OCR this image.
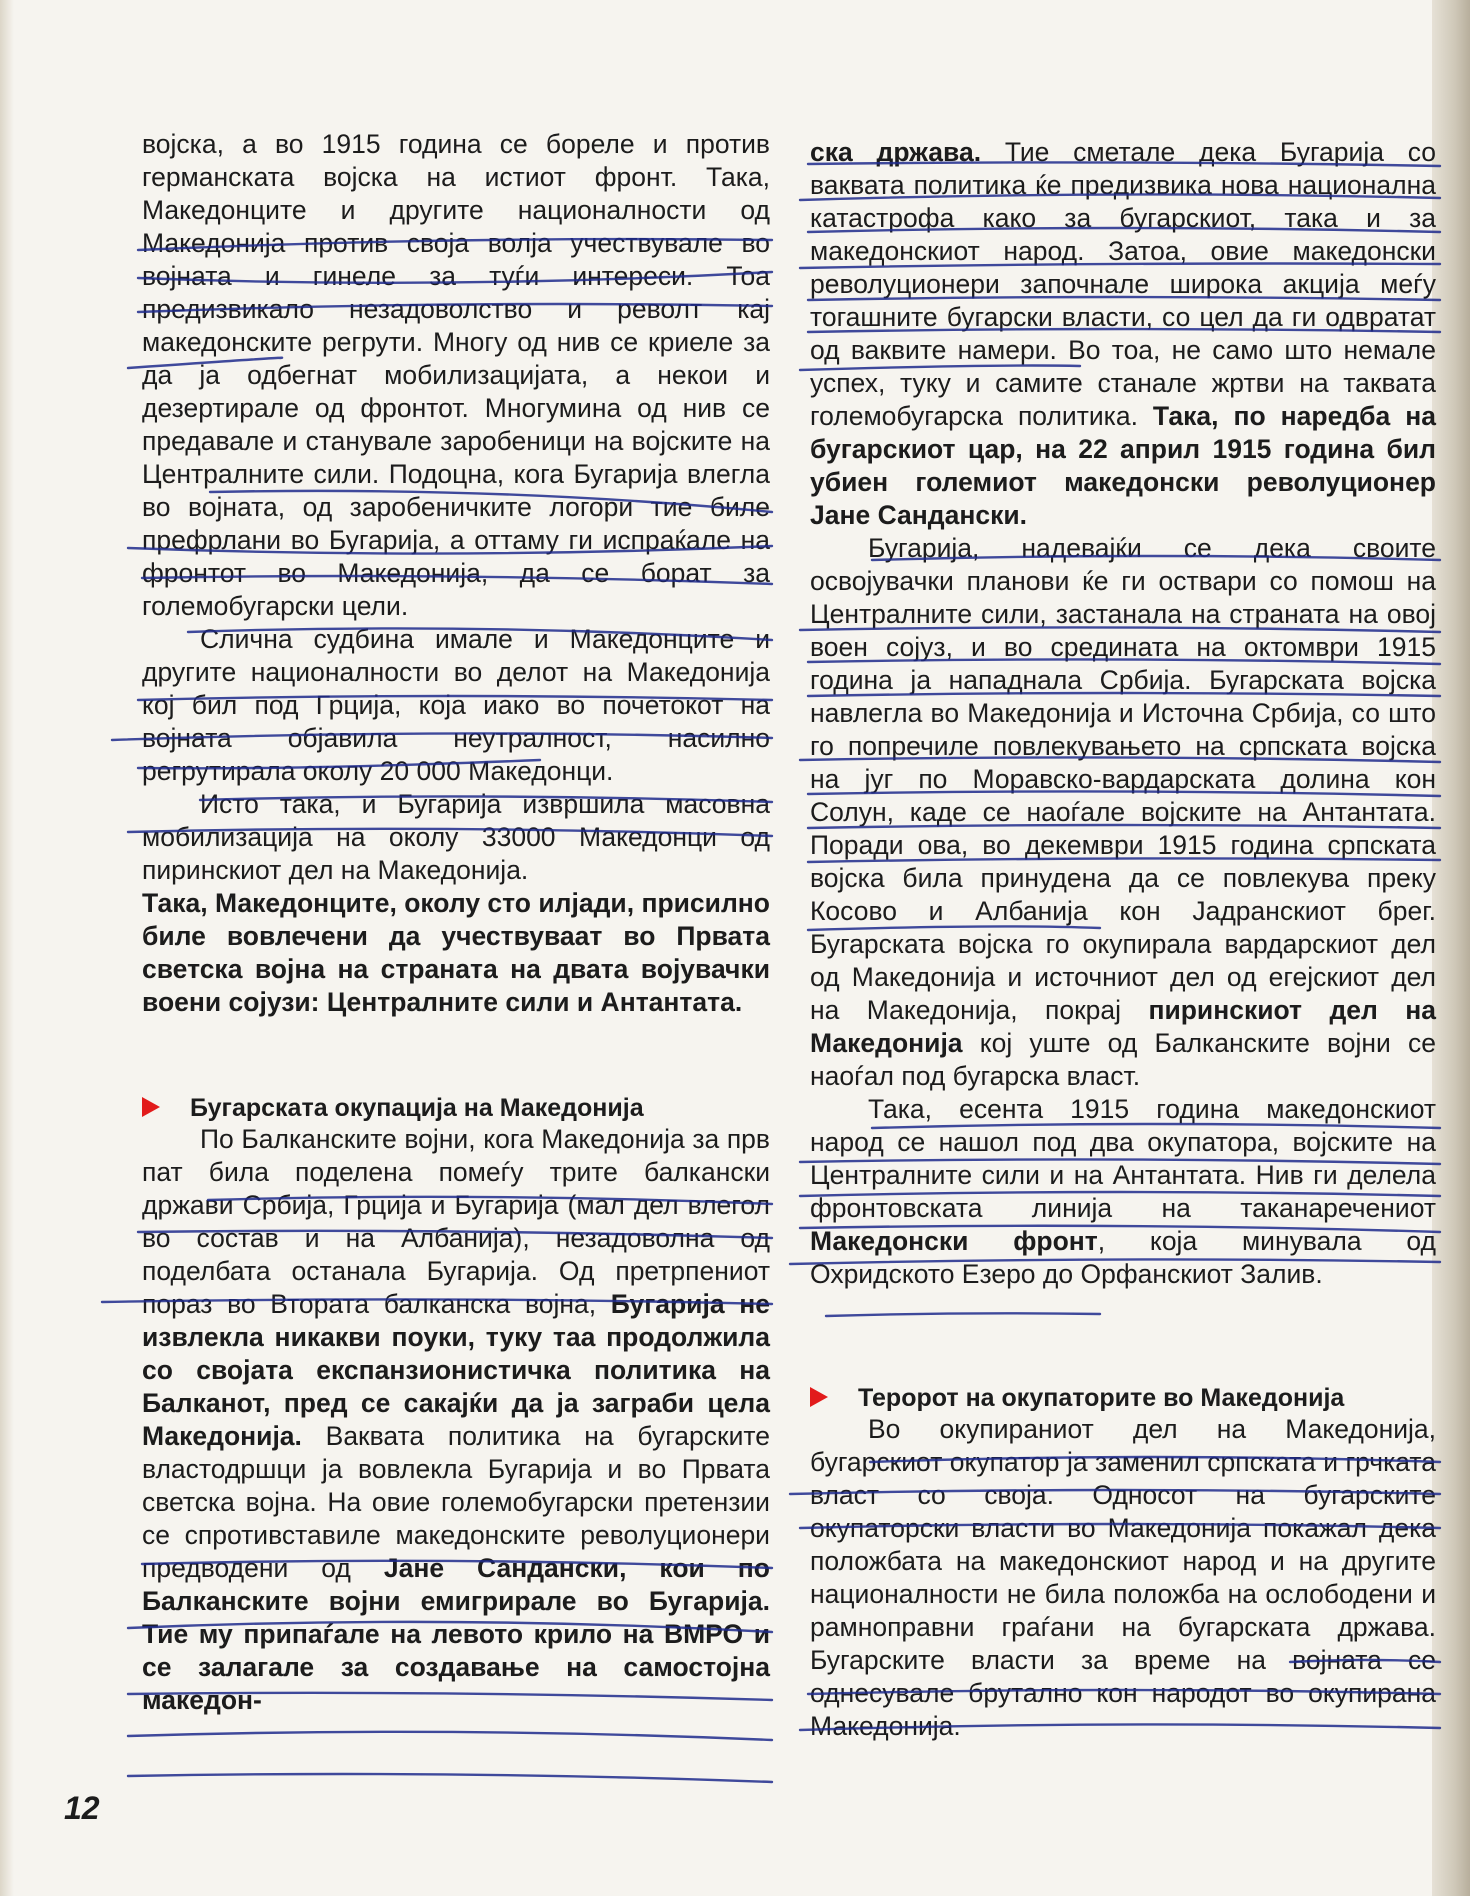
војска, а во 1915 година се бореле и против германската војска на истиот фронт. Така, Македонците и другите националности од Македонија против своја волја учествувале во војната и гинеле за туѓи интереси. Тоа предизвикало незадоволство и револт кај македонските регрути. Многу од нив се криеле за да ја одбегнат мобилизацијата, а некои и дезертирале од фронтот. Многумина од нив се предавале и станувале заробеници на војските на Централните сили. Подоцна, кога Бугарија влегла во војната, од заробеничките логори тие биле префрлани во Бугарија, а оттаму ги испраќале на фронтот во Македонија, да се борат за големобугарски цели.

Слична судбина имале и Македонците и другите националности во делот на Македонија кој бил под Грција, која иако во почетокот на војната објавила неутралност, насилно регрутирала околу 20 000 Македонци.

Исто така, и Бугарија извршила масовна мобилизација на околу 33000 Македонци од пиринскиот дел на Македонија.

Така, Македонците, околу сто илјади, присилно биле вовлечени да учествуваат во Првата светска војна на страната на двата војувачки воени сојузи: Централните сили и Антантата.

Бугарската окупација на Македонија

По Балканските војни, кога Македонија за прв пат била поделена помеѓу трите балкански држави Србија, Грција и Бугарија (мал дел влегол во состав и на Албанија), незадоволна од поделбата останала Бугарија. Од претрпениот пораз во Втората балканска војна, Бугарија не извлекла никакви поуки, туку таа продолжила со својата експанзионистичка политика на Балканот, пред се сакајќи да ја заграби цела Македонија. Ваквата политика на бугарските властодршци ја вовлекла Бугарија и во Првата светска војна. На овие големобугарски претензии се спротивставиле македонските револуционери предводени од Јане Сандански, кои по Балканските војни емигрирале во Бугарија. Тие му припаѓале на левото крило на ВМРО и се залагале за создавање на самостојна македон-

ска држава. Тие сметале дека Бугарија со ваквата политика ќе предизвика нова национална катастрофа како за бугарскиот, така и за македонскиот народ. Затоа, овие македонски револуционери започнале широка акција меѓу тогашните бугарски власти, со цел да ги одвратат од ваквите намери. Во тоа, не само што немале успех, туку и самите станале жртви на таквата големобугарска политика. Така, по наредба на бугарскиот цар, на 22 април 1915 година бил убиен големиот македонски револуционер Јане Сандански.

Бугарија, надевајќи се дека своите освојувачки планови ќе ги оствари со помош на Централните сили, застанала на страната на овој воен сојуз, и во средината на октомври 1915 година ја нападнала Србија. Бугарската војска навлегла во Македонија и Источна Србија, со што го попречиле повлекувањето на српската војска на југ по Моравско-вардарската долина кон Солун, каде се наоѓале војските на Антантата. Поради ова, во декември 1915 година српската војска била принудена да се повлекува преку Косово и Албанија кон Јадранскиот брег. Бугарската војска го окупирала вардарскиот дел од Македонија и источниот дел од егејскиот дел на Македонија, покрај пиринскиот дел на Македонија кој уште од Балканските војни се наоѓал под бугарска власт.

Така, есента 1915 година македонскиот народ се нашол под два окупатора, војските на Централните сили и на Антантата. Нив ги делела фронтовската линија на таканаречениот Македонски фронт, која минувала од Охридското Езеро до Орфанскиот Залив.

Теророт на окупаторите во Македонија

Во окупираниот дел на Македонија, бугарскиот окупатор ја заменил српската и грчката власт со своја. Односот на бугарските окупаторски власти во Македонија покажал дека положбата на македонскиот народ и на другите националности не била положба на ослободени и рамноправни граѓани на бугарската држава. Бугарските власти за време на војната се однесувале брутално кон народот во окупирана Македонија.

12
